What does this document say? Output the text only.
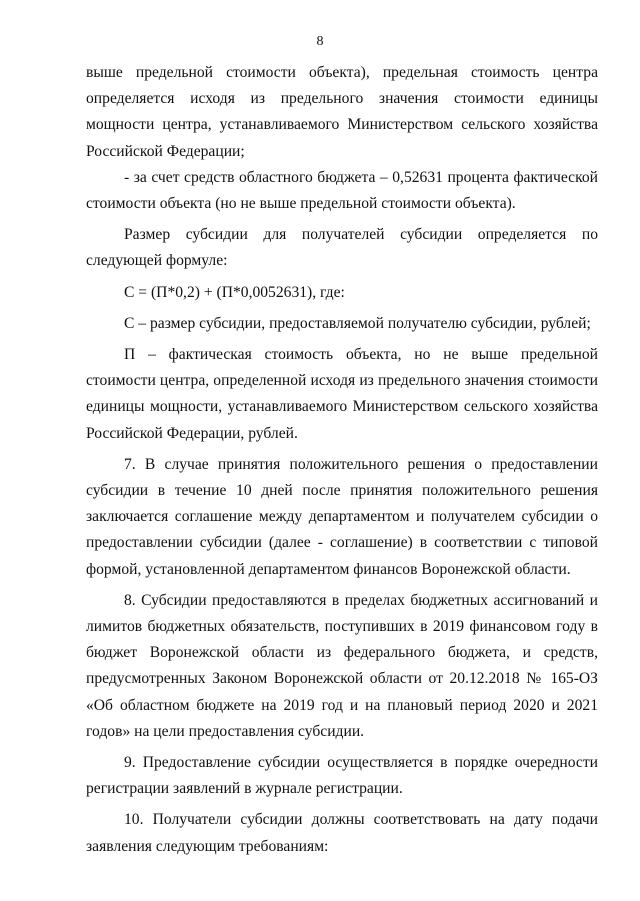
8

выше предельной стоимости объекта), предельная стоимость центра определяется исходя из предельного значения стоимости единицы мощности центра, устанавливаемого Министерством сельского хозяйства Российской Федерации;

- за счет средств областного бюджета – 0,52631 процента фактической стоимости объекта (но не выше предельной стоимости объекта).

Размер субсидии для получателей субсидии определяется по следующей формуле:

С = (П*0,2) + (П*0,0052631), где:

С – размер субсидии, предоставляемой получателю субсидии, рублей;

П – фактическая стоимость объекта, но не выше предельной стоимости центра, определенной исходя из предельного значения стоимости единицы мощности, устанавливаемого Министерством сельского хозяйства Российской Федерации, рублей.

7. В случае принятия положительного решения о предоставлении субсидии в течение 10 дней после принятия положительного решения заключается соглашение между департаментом и получателем субсидии о предоставлении субсидии (далее - соглашение) в соответствии с типовой формой, установленной департаментом финансов Воронежской области.

8. Субсидии предоставляются в пределах бюджетных ассигнований и лимитов бюджетных обязательств, поступивших в 2019 финансовом году в бюджет Воронежской области из федерального бюджета, и средств, предусмотренных Законом Воронежской области от 20.12.2018 № 165-ОЗ «Об областном бюджете на 2019 год и на плановый период 2020 и 2021 годов» на цели предоставления субсидии.

9. Предоставление субсидии осуществляется в порядке очередности регистрации заявлений в журнале регистрации.

10. Получатели субсидии должны соответствовать на дату подачи заявления следующим требованиям:
